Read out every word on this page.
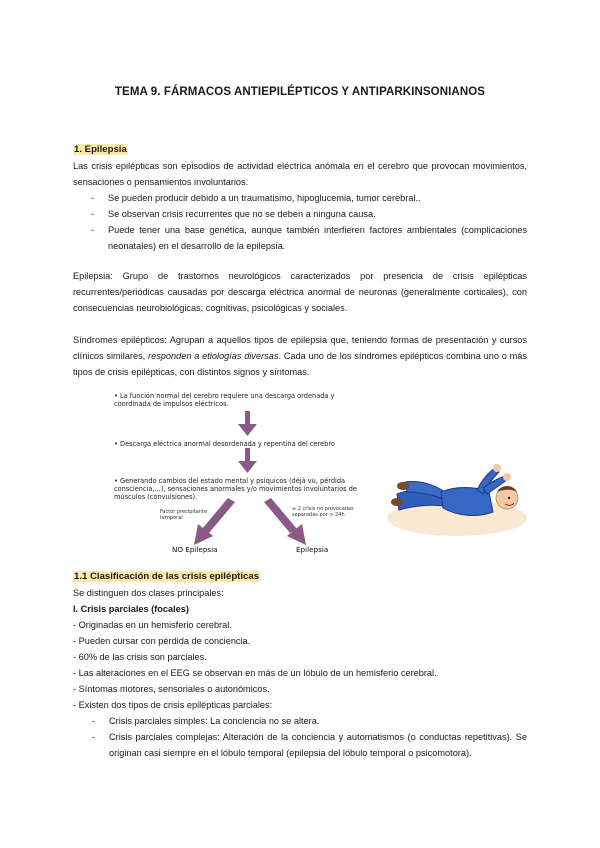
TEMA 9. FÁRMACOS ANTIEPILÉPTICOS Y ANTIPARKINSONIANOS
1. Epilepsia
Las crisis epilépticas son episodios de actividad eléctrica anómala en el cerebro que provocan movimientos, sensaciones o pensamientos involuntarios.
- Se pueden producir debido a un traumatismo, hipoglucemia, tumor cerebral..
- Se observan crisis recurrentes que no se deben a ninguna causa.
- Puede tener una base genética, aunque también interfieren factores ambientales (complicaciones neonatales) en el desarrollo de la epilepsia.
Epilepsia: Grupo de trastornos neurológicos caracterizados por presencia de crisis epilépticas recurrentes/periódicas causadas por descarga eléctrica anormal de neuronas (generalmente corticales), con consecuencias neurobiológicas, cognitivas, psicológicas y sociales.
Síndromes epilépticos: Agrupan a aquellos tipos de epilepsia que, teniendo formas de presentación y cursos clínicos similares, responden a etiologías diversas. Cada uno de los síndromes epilépticos combina uno o más tipos de crisis epilépticas, con distintos signos y síntomas.
• La función normal del cerebro requiere una descarga ordenada y coordinada de impulsos eléctricos.
• Descarga eléctrica anormal desordenada y repentina del cerebro
• Generando cambios del estado mental y psíquicos (déjà vu, pérdida consciencia,...), sensaciones anormales y/o movimientos involuntarios de músculos (convulsiones).
Factor precipitante temporal
≥ 2 crisis no provocadas separadas por > 24h
NO Epilepsia	Epilepsia
1.1 Clasificación de las crisis epilépticas
Se distinguen dos clases principales:
I. Crisis parciales (focales)
- Originadas en un hemisferio cerebral.
- Pueden cursar con pérdida de conciencia.
- 60% de las crisis son parciales.
- Las alteraciones en el EEG se observan en más de un lóbulo de un hemisferio cerebral.
- Síntomas motores, sensoriales o autonómicos.
- Existen dos tipos de crisis epilépticas parciales:
- Crisis parciales simples: La conciencia no se altera.
- Crisis parciales complejas: Alteración de la conciencia y automatismos (o conductas repetitivas). Se originan casi siempre en el lóbulo temporal (epilepsia del lóbulo temporal o psicomotora).
